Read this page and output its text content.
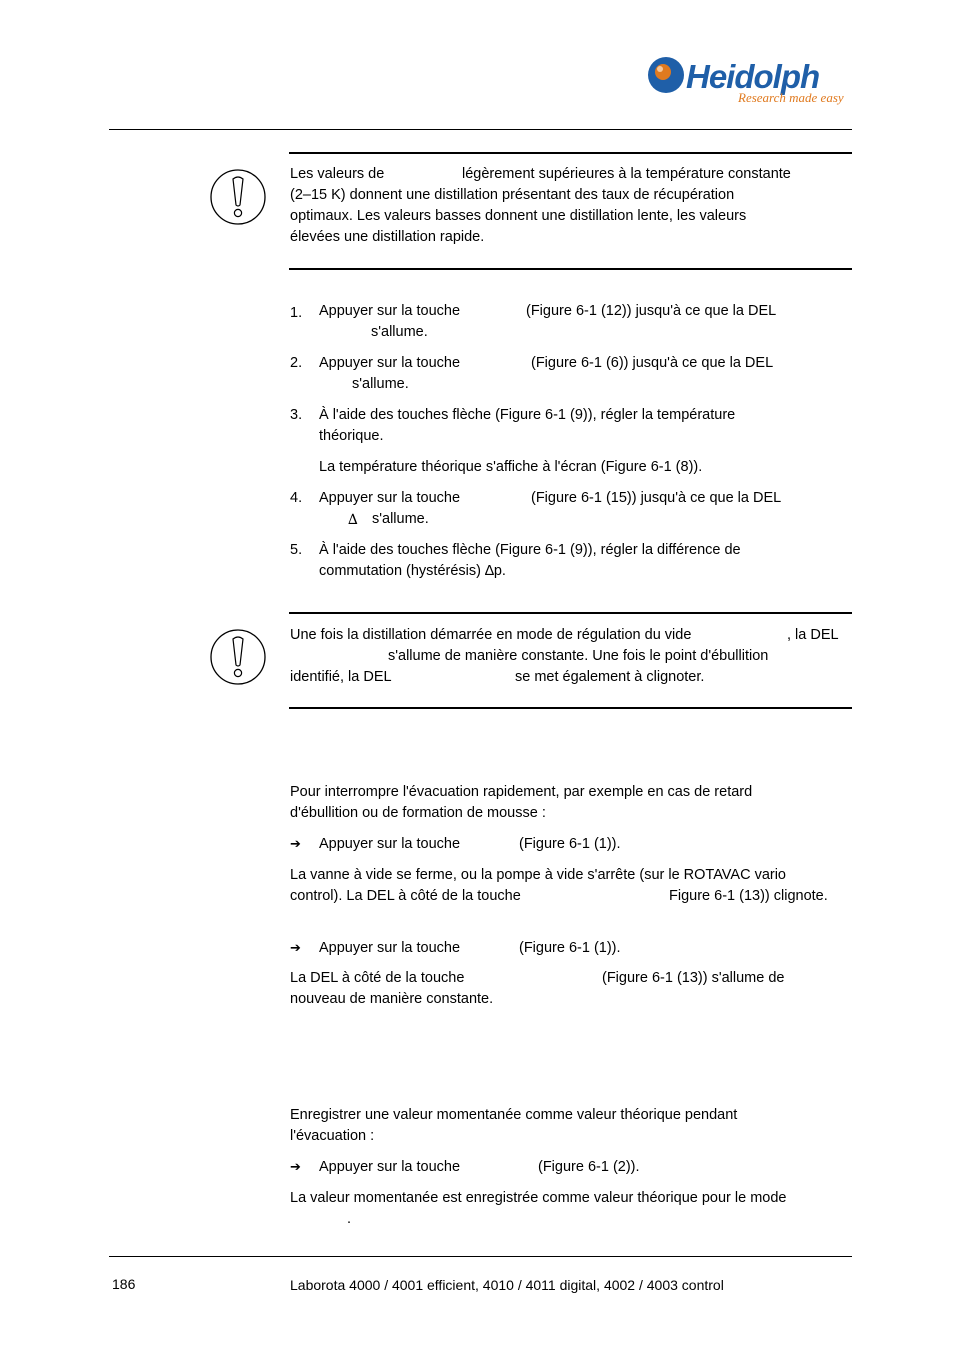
Heidolph
Research made easy
Les valeurs de	légèrement supérieures à la température constante
(2–15 K) donnent une distillation présentant des taux de récupération
optimaux. Les valeurs basses donnent une distillation lente, les valeurs
élevées une distillation rapide.
1. Appuyer sur la touche	(Figure 6-1 (12)) jusqu'à ce que la DEL
s'allume.
2. Appuyer sur la touche	(Figure 6-1 (6)) jusqu'à ce que la DEL
s'allume.
3. À l'aide des touches flèche (Figure 6-1 (9)), régler la température
théorique.
La température théorique s'affiche à l'écran (Figure 6-1 (8)).
4. Appuyer sur la touche	(Figure 6-1 (15)) jusqu'à ce que la DEL
∆ s'allume.
5. À l'aide des touches flèche (Figure 6-1 (9)), régler la différence de
commutation (hystérésis) ∆p.
Une fois la distillation démarrée en mode de régulation du vide	, la DEL
s'allume de manière constante. Une fois le point d'ébullition
identifié, la DEL	se met également à clignoter.
Pour interrompre l'évacuation rapidement, par exemple en cas de retard
d'ébullition ou de formation de mousse :
➔ Appuyer sur la touche	(Figure 6-1 (1)).
La vanne à vide se ferme, ou la pompe à vide s'arrête (sur le ROTAVAC vario
control). La DEL à côté de la touche	Figure 6-1 (13)) clignote.
➔ Appuyer sur la touche	(Figure 6-1 (1)).
La DEL à côté de la touche	(Figure 6-1 (13)) s'allume de
nouveau de manière constante.
Enregistrer une valeur momentanée comme valeur théorique pendant
l'évacuation :
➔ Appuyer sur la touche	(Figure 6-1 (2)).
La valeur momentanée est enregistrée comme valeur théorique pour le mode
.
186	Laborota 4000 / 4001 efficient, 4010 / 4011 digital, 4002 / 4003 control
